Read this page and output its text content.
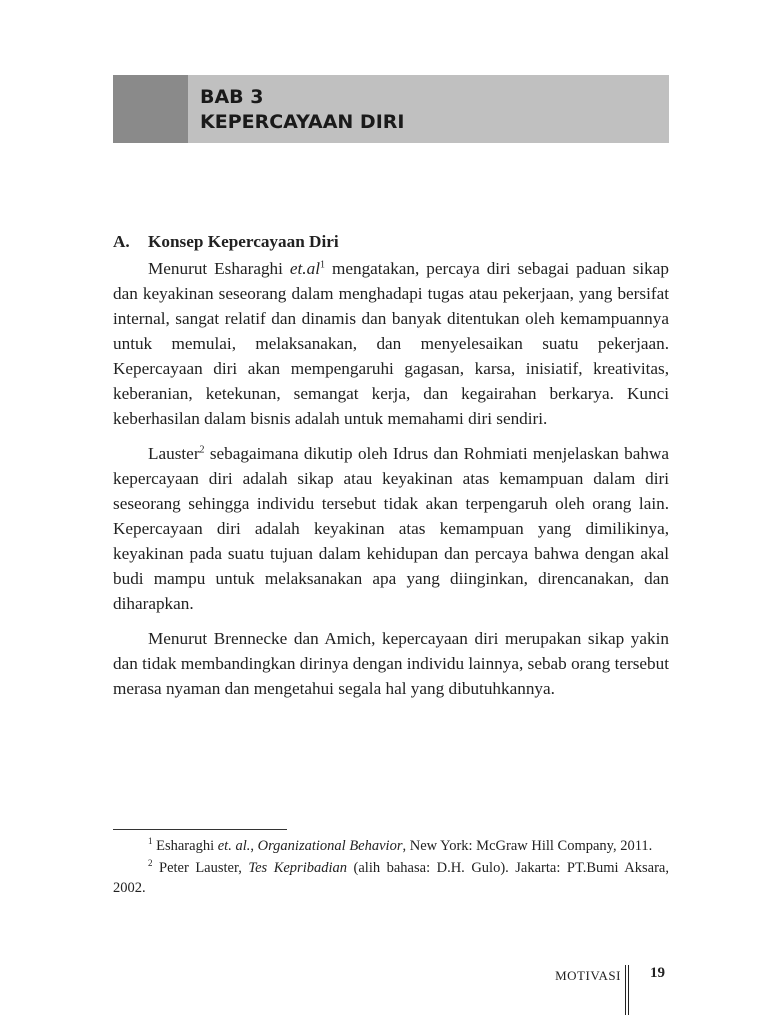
BAB 3
KEPERCAYAAN DIRI

A. Konsep Kepercayaan Diri

Menurut Esharaghi $et.al^1$ mengatakan, percaya diri sebagai paduan sikap dan keyakinan seseorang dalam menghadapi tugas atau pekerjaan, yang bersifat internal, sangat relatif dan dinamis dan banyak ditentukan oleh kemampuannya untuk memulai, melaksanakan, dan menyelesaikan suatu pekerjaan. Kepercayaan diri akan mempengaruhi gagasan, karsa, inisiatif, kreativitas, keberanian, ketekunan, semangat kerja, dan kegairahan berkarya. Kunci keberhasilan dalam bisnis adalah untuk memahami diri sendiri.

Lauster$^2$ sebagaimana dikutip oleh Idrus dan Rohmiati menjelaskan bahwa kepercayaan diri adalah sikap atau keyakinan atas kemampuan dalam diri seseorang sehingga individu tersebut tidak akan terpengaruh oleh orang lain. Kepercayaan diri adalah keyakinan atas kemampuan yang dimilikinya, keyakinan pada suatu tujuan dalam kehidupan dan percaya bahwa dengan akal budi mampu untuk melaksanakan apa yang diinginkan, direncanakan, dan diharapkan.

Menurut Brennecke dan Amich, kepercayaan diri merupakan sikap yakin dan tidak membandingkan dirinya dengan individu lainnya, sebab orang tersebut merasa nyaman dan mengetahui segala hal yang dibutuhkannya.

$^1$ Esharaghi et. al., Organizational Behavior, New York: McGraw Hill Company, 2011.

$^2$ Peter Lauster, Tes Kepribadian (alih bahasa: D.H. Gulo). Jakarta: PT.Bumi Aksara, 2002.

MOTIVASI 19
